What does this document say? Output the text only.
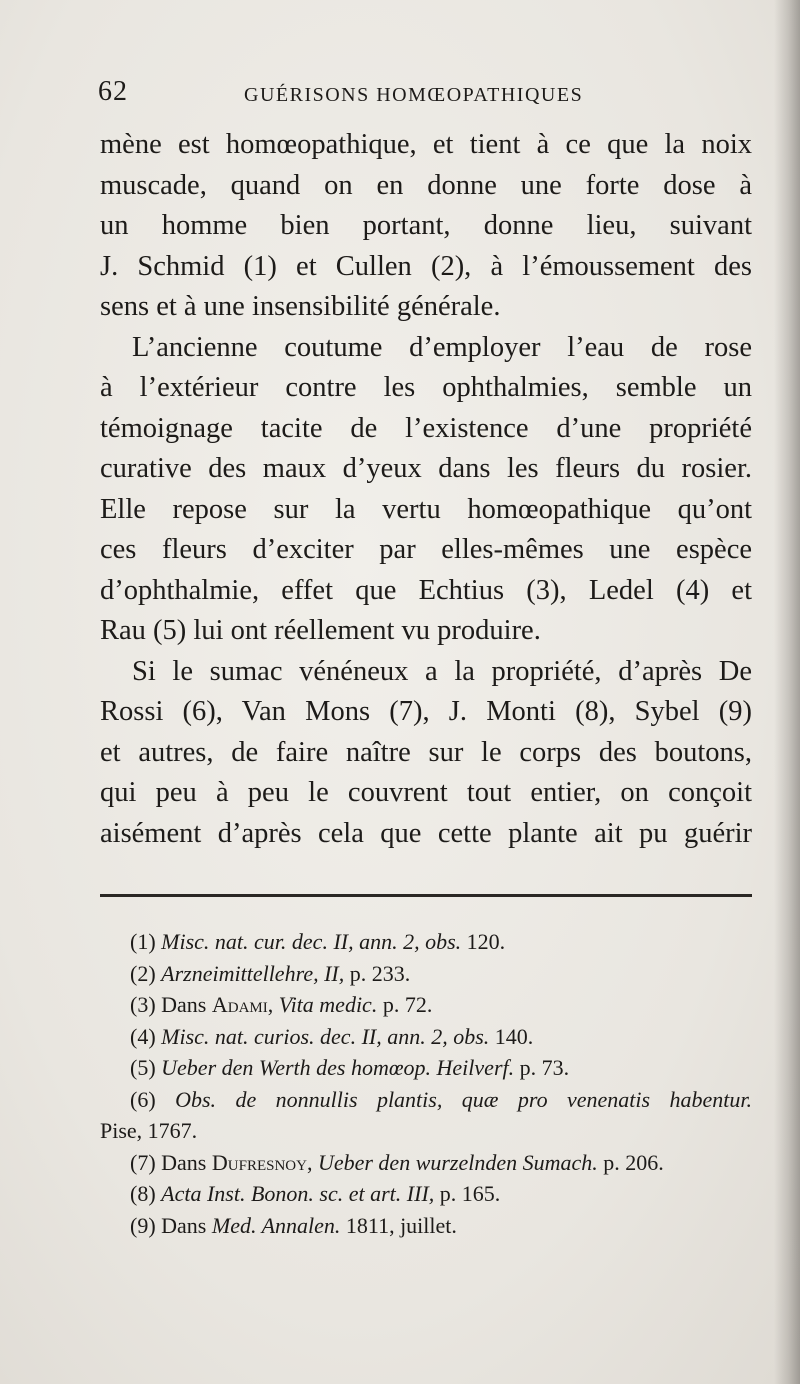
62	GUÉRISONS HOMŒOPATHIQUES
mène est homœopathique, et tient à ce que la noix
muscade, quand on en donne une forte dose à
un homme bien portant, donne lieu, suivant
J. Schmid (1) et Cullen (2), à l’émoussement des
sens et à une insensibilité générale.
L’ancienne coutume d’employer l’eau de rose
à l’extérieur contre les ophthalmies, semble un
témoignage tacite de l’existence d’une propriété
curative des maux d’yeux dans les fleurs du rosier.
Elle repose sur la vertu homœopathique qu’ont
ces fleurs d’exciter par elles-mêmes une espèce
d’ophthalmie, effet que Echtius (3), Ledel (4) et
Rau (5) lui ont réellement vu produire.
Si le sumac vénéneux a la propriété, d’après De
Rossi (6), Van Mons (7), J. Monti (8), Sybel (9)
et autres, de faire naître sur le corps des boutons,
qui peu à peu le couvrent tout entier, on conçoit
aisément d’après cela que cette plante ait pu guérir
(1) Misc. nat. cur. dec. II, ann. 2, obs. 120.
(2) Arzneimittellehre, II, p. 233.
(3) Dans Adami, Vita medic. p. 72.
(4) Misc. nat. curios. dec. II, ann. 2, obs. 140.
(5) Ueber den Werth des homœop. Heilverf. p. 73.
(6) Obs. de nonnullis plantis, quæ pro venenatis habentur.
Pise, 1767.
(7) Dans Dufresnoy, Ueber den wurzelnden Sumach. p. 206.
(8) Acta Inst. Bonon. sc. et art. III, p. 165.
(9) Dans Med. Annalen. 1811, juillet.
